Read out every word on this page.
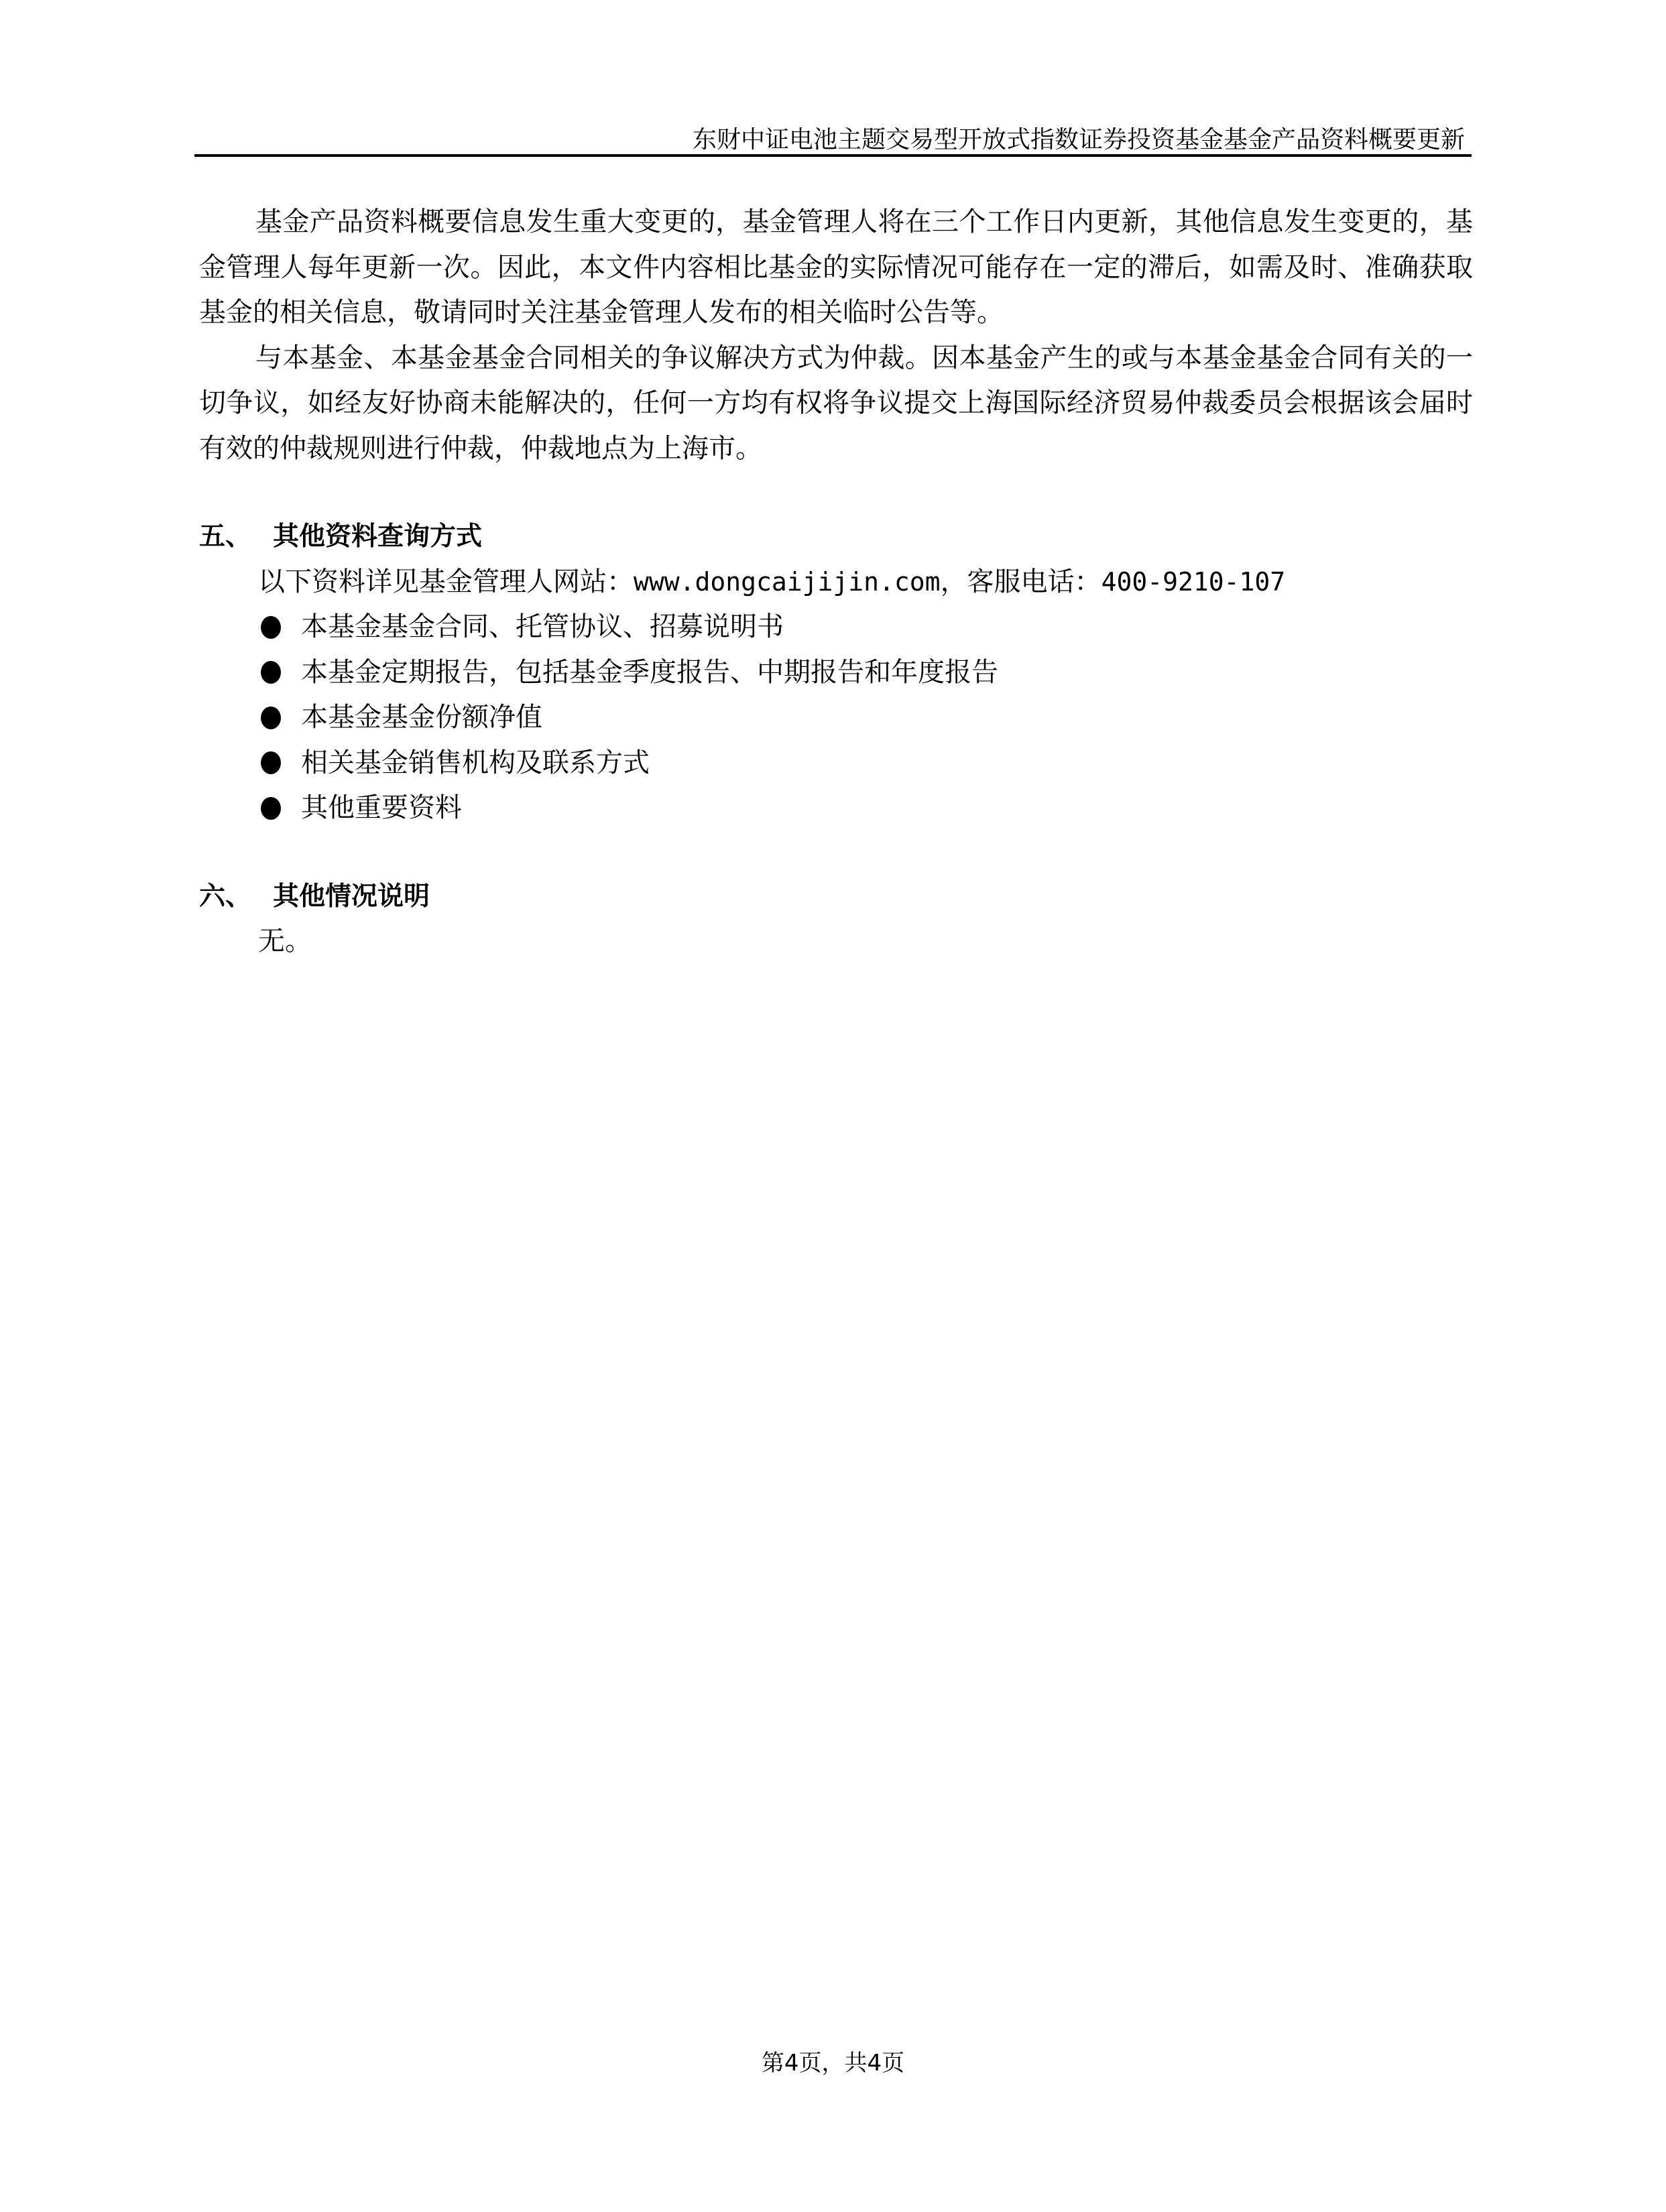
东财中证电池主题交易型开放式指数证券投资基金基金产品资料概要更新

基金产品资料概要信息发生重大变更的，基金管理人将在三个工作日内更新，其他信息发生变更的，基金管理人每年更新一次。因此，本文件内容相比基金的实际情况可能存在一定的滞后，如需及时、准确获取基金的相关信息，敬请同时关注基金管理人发布的相关临时公告等。

与本基金、本基金基金合同相关的争议解决方式为仲裁。因本基金产生的或与本基金基金合同有关的一切争议，如经友好协商未能解决的，任何一方均有权将争议提交上海国际经济贸易仲裁委员会根据该会届时有效的仲裁规则进行仲裁，仲裁地点为上海市。

五、 其他资料查询方式

以下资料详见基金管理人网站：www.dongcaijijin.com，客服电话：400-9210-107

本基金基金合同、托管协议、招募说明书
本基金定期报告，包括基金季度报告、中期报告和年度报告
本基金基金份额净值
相关基金销售机构及联系方式
其他重要资料

六、 其他情况说明

无。

第4页，共4页
